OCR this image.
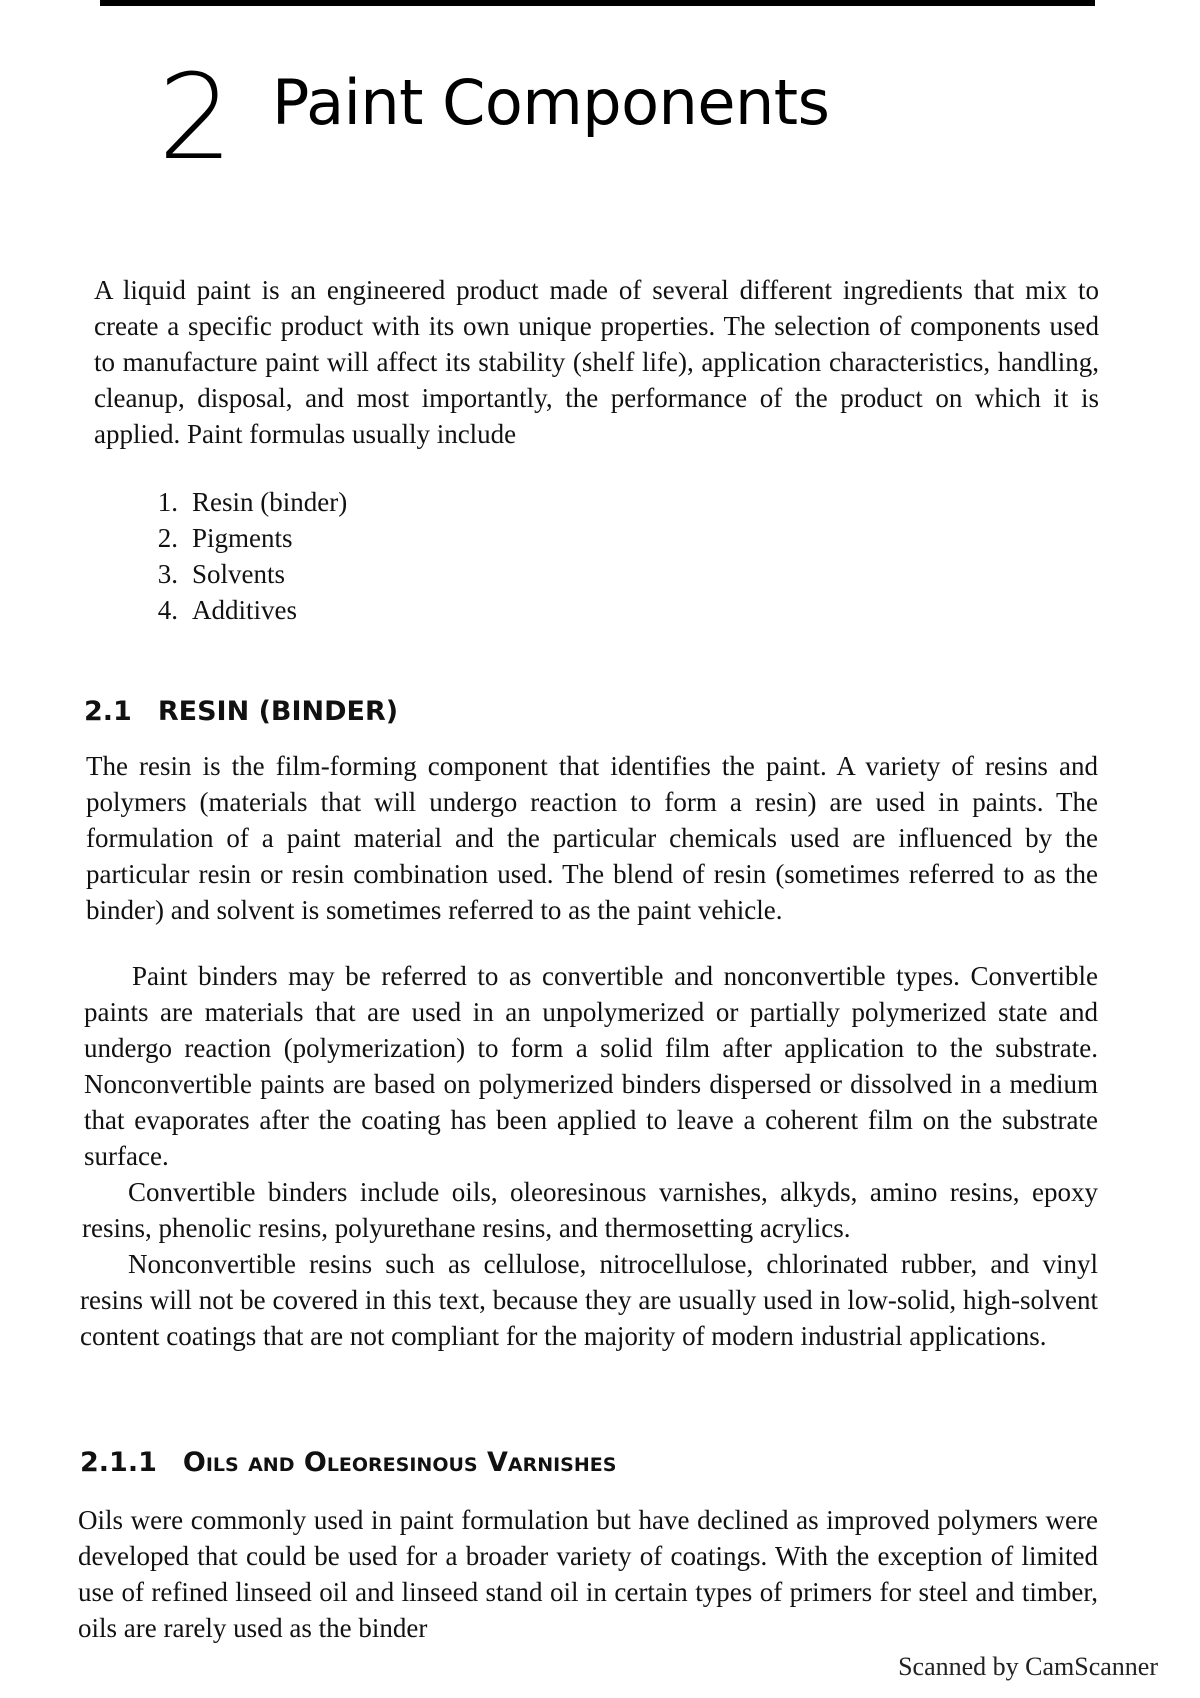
2 Paint Components

A liquid paint is an engineered product made of several different ingredients that mix to create a specific product with its own unique properties. The selection of components used to manufacture paint will affect its stability (shelf life), application characteristics, handling, cleanup, disposal, and most importantly, the performance of the product on which it is applied. Paint formulas usually include

1. Resin (binder)
2. Pigments
3. Solvents
4. Additives
2.1 RESIN (BINDER)

The resin is the film-forming component that identifies the paint. A variety of resins and polymers (materials that will undergo reaction to form a resin) are used in paints. The formulation of a paint material and the particular chemicals used are influenced by the particular resin or resin combination used. The blend of resin (sometimes referred to as the binder) and solvent is sometimes referred to as the paint vehicle.

Paint binders may be referred to as convertible and nonconvertible types. Convertible paints are materials that are used in an unpolymerized or partially polymerized state and undergo reaction (polymerization) to form a solid film after application to the substrate. Nonconvertible paints are based on polymerized binders dispersed or dissolved in a medium that evaporates after the coating has been applied to leave a coherent film on the substrate surface.

Convertible binders include oils, oleoresinous varnishes, alkyds, amino resins, epoxy resins, phenolic resins, polyurethane resins, and thermosetting acrylics.

Nonconvertible resins such as cellulose, nitrocellulose, chlorinated rubber, and vinyl resins will not be covered in this text, because they are usually used in low-solid, high-solvent content coatings that are not compliant for the majority of modern industrial applications.

2.1.1 Oils and Oleoresinous Varnishes

Oils were commonly used in paint formulation but have declined as improved polymers were developed that could be used for a broader variety of coatings. With the exception of limited use of refined linseed oil and linseed stand oil in certain types of primers for steel and timber, oils are rarely used as the binder

Scanned by CamScanner
